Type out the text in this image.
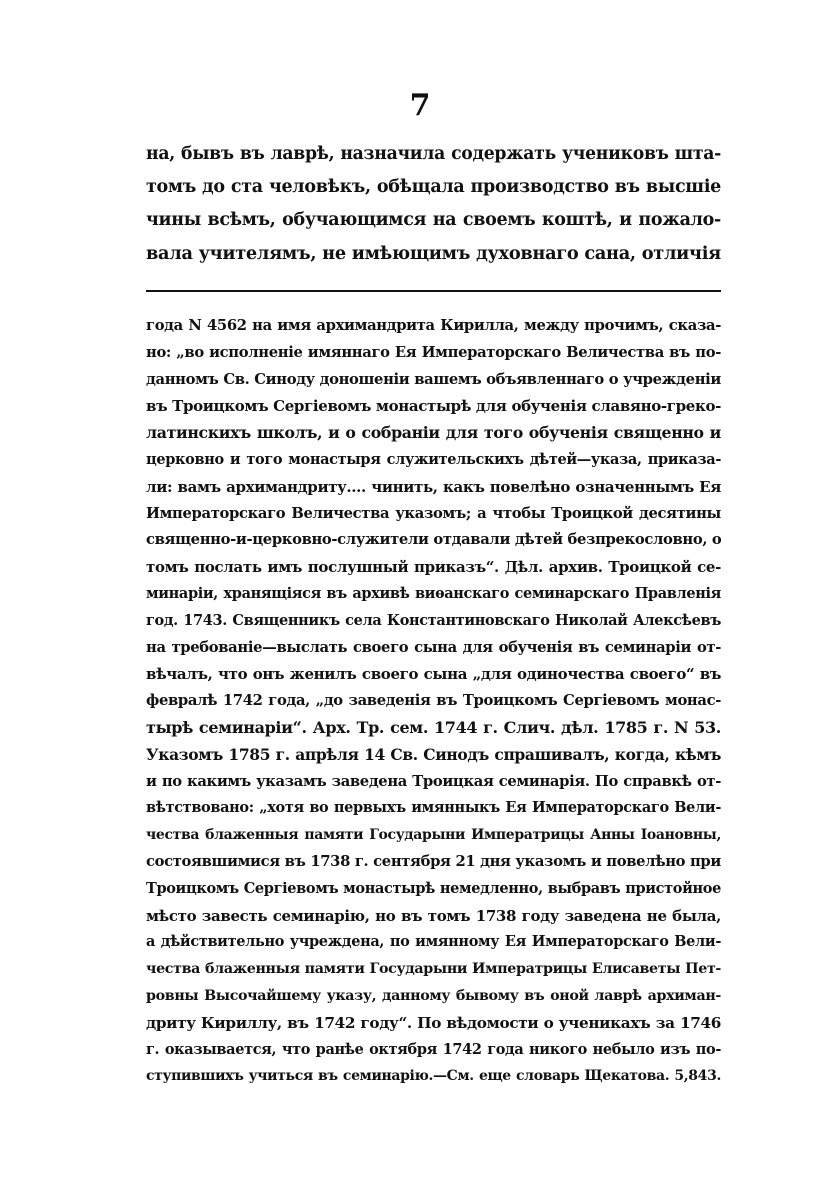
7
на, бывъ въ лаврѣ, назначила содержать учениковъ шта-
томъ до ста человѣкъ, обѣщала производство въ высшіе
чины всѣмъ, обучающимся на своемъ коштѣ, и пожало-
вала учителямъ, не имѣющимъ духовнаго сана, отличія
года N 4562 на имя архимандрита Кирилла, между прочимъ, сказа-
но: „во исполненіе имяннаго Ея Императорскаго Величества въ по-
данномъ Св. Синоду доношеніи вашемъ объявленнаго о учрежденіи
въ Троицкомъ Сергіевомъ монастырѣ для обученія славяно-греко-
латинскихъ школъ, и о собраніи для того обученія священно и
церковно и того монастыря служительскихъ дѣтей—указа, приказа-
ли: вамъ архимандриту.... чинить, какъ повелѣно означеннымъ Ея
Императорскаго Величества указомъ; а чтобы Троицкой десятины
священно-и-церковно-служители отдавали дѣтей безпрекословно, о
томъ послать имъ послушный приказъ“. Дѣл. архив. Троицкой се-
минаріи, хранящіяся въ архивѣ виѳанскаго семинарскаго Правленія
год. 1743. Священникъ села Константиновскаго Николай Алексѣевъ
на требованіе—выслать своего сына для обученія въ семинаріи от-
вѣчалъ, что онъ женилъ своего сына „для одиночества своего“ въ
февралѣ 1742 года, „до заведенія въ Троицкомъ Сергіевомъ монас-
тырѣ семинаріи“. Арх. Тр. сем. 1744 г. Слич. дѣл. 1785 г. N 53.
Указомъ 1785 г. апрѣля 14 Св. Синодъ спрашивалъ, когда, кѣмъ
и по какимъ указамъ заведена Троицкая семинарія. По справкѣ от-
вѣтствовано: „хотя во первыхъ имянныкъ Ея Императорскаго Вели-
чества блаженныя памяти Государыни Императрицы Анны Іоановны,
состоявшимися въ 1738 г. сентября 21 дня указомъ и повелѣно при
Троицкомъ Сергіевомъ монастырѣ немедленно, выбравъ пристойное
мѣсто завесть семинарію, но въ томъ 1738 году заведена не была,
а дѣйствительно учреждена, по имянному Ея Императорскаго Вели-
чества блаженныя памяти Государыни Императрицы Елисаветы Пет-
ровны Высочайшему указу, данному бывому въ оной лаврѣ архиман-
дриту Кириллу, въ 1742 году“. По вѣдомости о ученикахъ за 1746
г. оказывается, что ранѣе октября 1742 года никого небыло изъ по-
ступившихъ учиться въ семинарію.—См. еще словарь Щекатова. 5,843.
